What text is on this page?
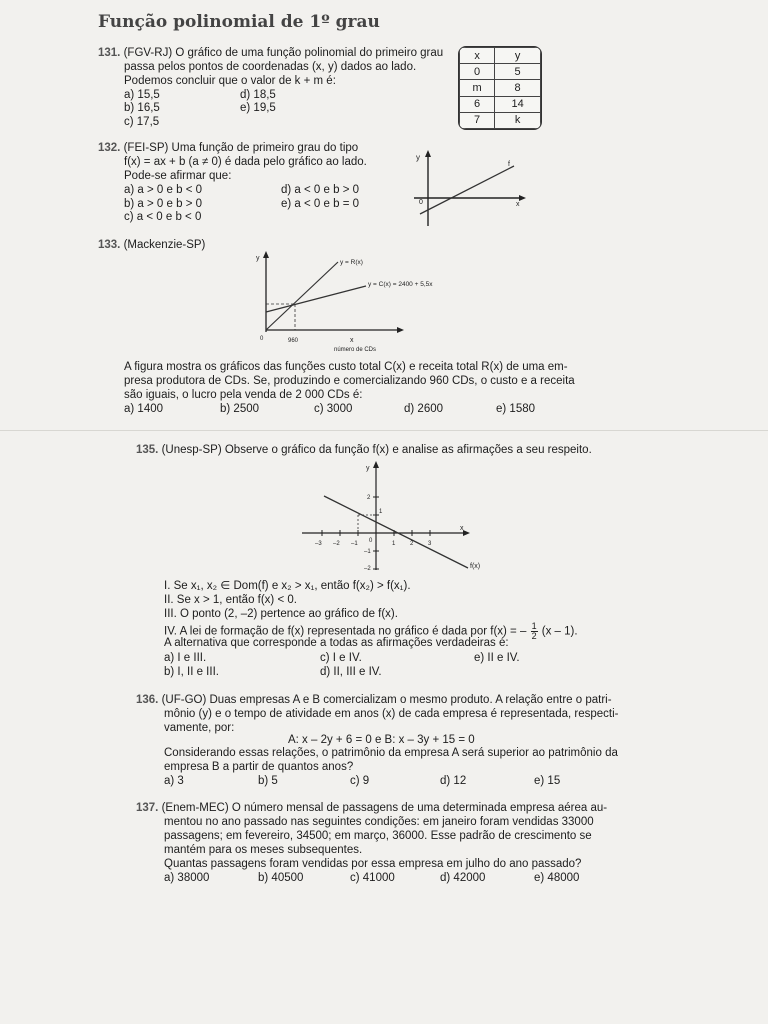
Função polinomial de 1º grau
131. (FGV-RJ) O gráfico de uma função polinomial do primeiro grau
passa pelos pontos de coordenadas (x, y) dados ao lado.
Podemos concluir que o valor de k + m é:
a) 15,5
b) 16,5
c) 17,5
d) 18,5
e) 19,5
x	y
0	5
m	8
6	14
7	k
132. (FEI-SP) Uma função de primeiro grau do tipo
f(x) = ax + b (a ≠ 0) é dada pelo gráfico ao lado.
Pode-se afirmar que:
a) a > 0 e b < 0
b) a > 0 e b > 0
c) a < 0 e b < 0
d) a < 0 e b > 0
e) a < 0 e b = 0
y
x
0
f
133. (Mackenzie-SP)
y
x
0	960
y = R(x)
y = C(x) = 2400 + 5,5x
número de CDs
A figura mostra os gráficos das funções custo total C(x) e receita total R(x) de uma em-
presa produtora de CDs. Se, produzindo e comercializando 960 CDs, o custo e a receita
são iguais, o lucro pela venda de 2 000 CDs é:
a) 1400	b) 2500	c) 3000	d) 2600	e) 1580
135. (Unesp-SP) Observe o gráfico da função f(x) e analise as afirmações a seu respeito.
y
x
f(x)
–3 –2 –1 0	1 2 3
2
1
–1
–2
I. Se x₁, x₂ ∈ Dom(f) e x₂ > x₁, então f(x₂) > f(x₁).
II. Se x > 1, então f(x) < 0.
III. O ponto (2, –2) pertence ao gráfico de f(x).
IV. A lei de formação de f(x) representada no gráfico é dada por f(x) = – $\frac{1}{2} (x - 1)$.
A alternativa que corresponde a todas as afirmações verdadeiras é:
a) I e III.
b) I, II e III.
c) I e IV.
d) II, III e IV.
e) II e IV.
136. (UF-GO) Duas empresas A e B comercializam o mesmo produto. A relação entre o patri-
mônio (y) e o tempo de atividade em anos (x) de cada empresa é representada, respecti-
vamente, por:
A: x – 2y + 6 = 0 e B: x – 3y + 15 = 0
Considerando essas relações, o patrimônio da empresa A será superior ao patrimônio da
empresa B a partir de quantos anos?
a) 3	b) 5	c) 9	d) 12	e) 15
137. (Enem-MEC) O número mensal de passagens de uma determinada empresa aérea au-
mentou no ano passado nas seguintes condições: em janeiro foram vendidas 33000
passagens; em fevereiro, 34500; em março, 36000. Esse padrão de crescimento se
mantém para os meses subsequentes.
Quantas passagens foram vendidas por essa empresa em julho do ano passado?
a) 38000	b) 40500	c) 41000	d) 42000	e) 48000
